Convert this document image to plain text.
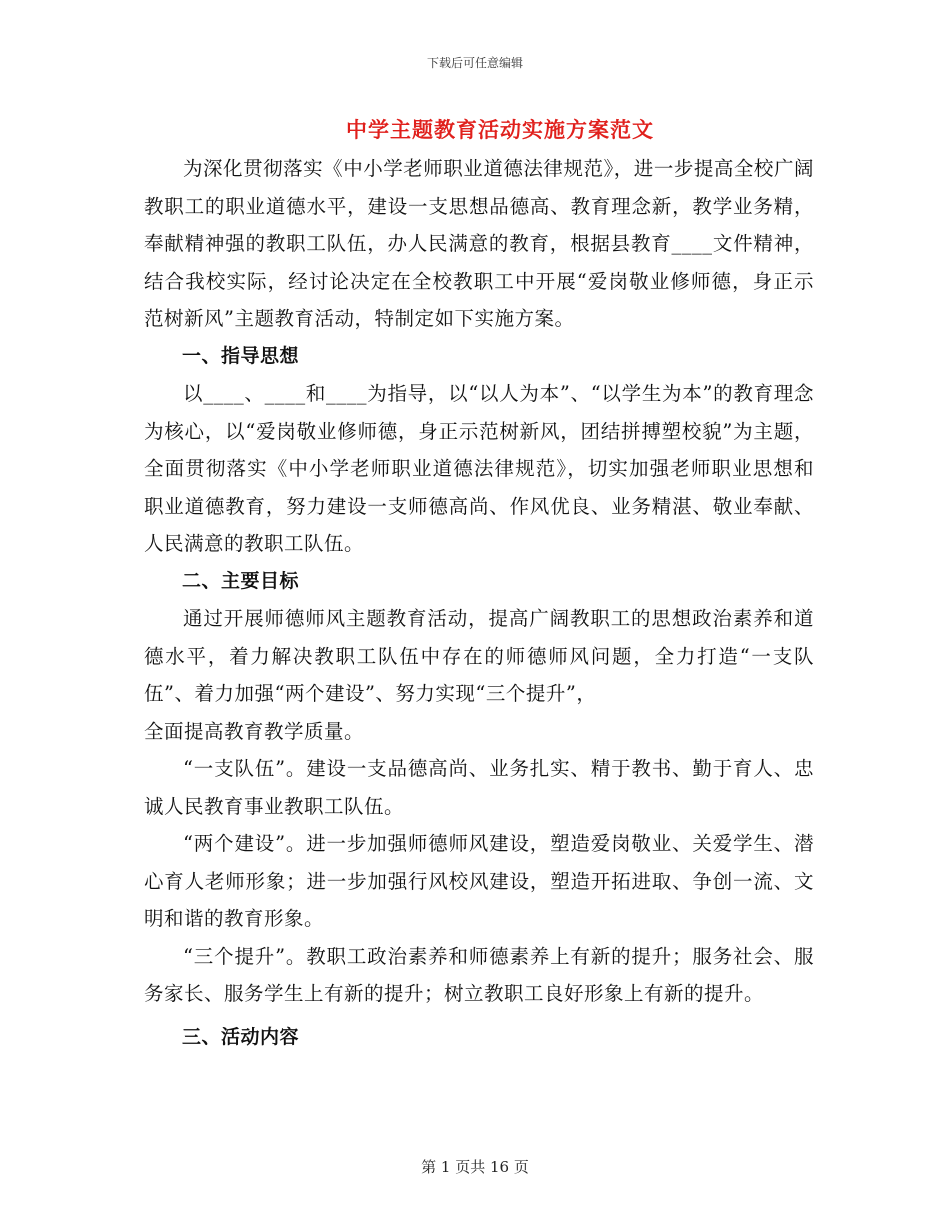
下载后可任意编辑
中学主题教育活动实施方案范文

为深化贯彻落实《中小学老师职业道德法律规范》，进一步提高全校广阔教职工的职业道德水平，建设一支思想品德高、教育理念新，教学业务精，奉献精神强的教职工队伍，办人民满意的教育，根据县教育____文件精神，结合我校实际，经讨论决定在全校教职工中开展“爱岗敬业修师德，身正示范树新风”主题教育活动，特制定如下实施方案。

一、指导思想

以____、____和____为指导，以“以人为本”、“以学生为本”的教育理念为核心，以“爱岗敬业修师德，身正示范树新风，团结拼搏塑校貌”为主题，全面贯彻落实《中小学老师职业道德法律规范》，切实加强老师职业思想和职业道德教育，努力建设一支师德高尚、作风优良、业务精湛、敬业奉献、人民满意的教职工队伍。

二、主要目标

通过开展师德师风主题教育活动，提高广阔教职工的思想政治素养和道德水平，着力解决教职工队伍中存在的师德师风问题，全力打造“一支队伍”、着力加强“两个建设”、努力实现“三个提升”，

全面提高教育教学质量。

“一支队伍”。建设一支品德高尚、业务扎实、精于教书、勤于育人、忠诚人民教育事业教职工队伍。

“两个建设”。进一步加强师德师风建设，塑造爱岗敬业、关爱学生、潜心育人老师形象；进一步加强行风校风建设，塑造开拓进取、争创一流、文明和谐的教育形象。

“三个提升”。教职工政治素养和师德素养上有新的提升；服务社会、服务家长、服务学生上有新的提升；树立教职工良好形象上有新的提升。

三、活动内容

第 1 页共 16 页
